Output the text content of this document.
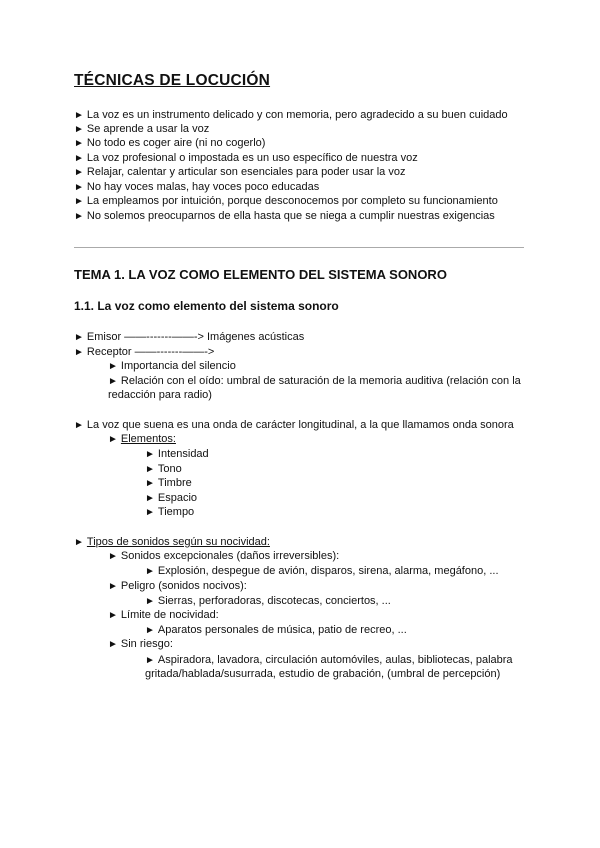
TÉCNICAS DE LOCUCIÓN
► La voz es un instrumento delicado y con memoria, pero agradecido a su buen cuidado
► Se aprende a usar la voz
► No todo es coger aire (ni no cogerlo)
► La voz profesional o impostada es un uso específico de nuestra voz
► Relajar, calentar y articular son esenciales para poder usar la voz
► No hay voces malas, hay voces poco educadas
► La empleamos por intuición, porque desconocemos por completo su funcionamiento
► No solemos preocuparnos de ella hasta que se niega a cumplir nuestras exigencias
TEMA 1. LA VOZ COMO ELEMENTO DEL SISTEMA SONORO
1.1. La voz como elemento del sistema sonoro
► Emisor ——-------——-> Imágenes acústicas
► Receptor ——-------——->
► Importancia del silencio
► Relación con el oído: umbral de saturación de la memoria auditiva (relación con la
redacción para radio)
► La voz que suena es una onda de carácter longitudinal, a la que llamamos onda sonora
► Elementos:
► Intensidad
► Tono
► Timbre
► Espacio
► Tiempo
► Tipos de sonidos según su nocividad:
► Sonidos excepcionales (daños irreversibles):
► Explosión, despegue de avión, disparos, sirena, alarma, megáfono, ...
► Peligro (sonidos nocivos):
► Sierras, perforadoras, discotecas, conciertos, ...
► Límite de nocividad:
► Aparatos personales de música, patio de recreo, ...
► Sin riesgo:
► Aspiradora, lavadora, circulación automóviles, aulas, bibliotecas, palabra
gritada/hablada/susurrada, estudio de grabación, (umbral de percepción)
